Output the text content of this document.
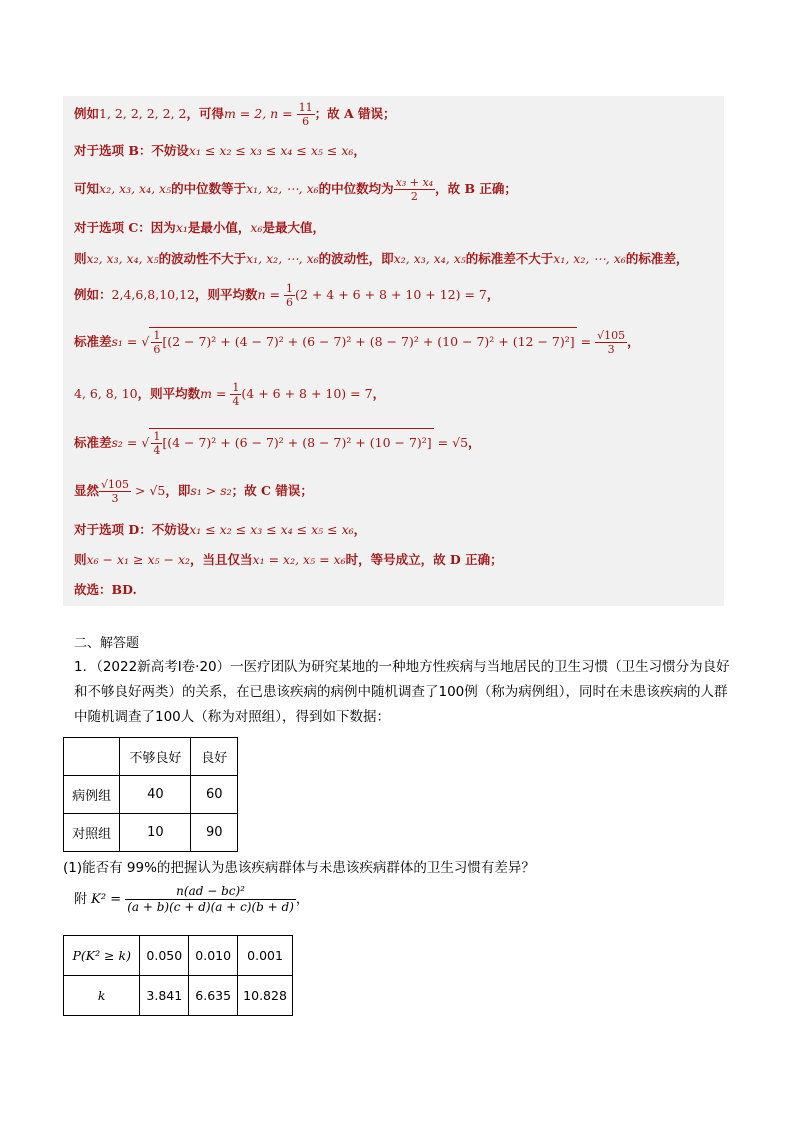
例如1, 2, 2, 2, 2, 2，可得m = 2, $n = \frac{11}{6}$ ；故 A 错误；
对于选项 B：不妨设x₁ ≤ x₂ ≤ x₃ ≤ x₄ ≤ x₅ ≤ x₆，
可知x₂, x₃, x₄, x₅的中位数等于x₁, x₂, ⋯, x₆的中位数均为 $\frac{\text{x₃ + x₄}}{2}$ ，故 B 正确；
对于选项 C：因为x₁是最小值，x₆是最大值，
则x₂, x₃, x₄, x₅的波动性不大于x₁, x₂, ⋯, x₆的波动性，即x₂, x₃, x₄, x₅的标准差不大于x₁, x₂, ⋯, x₆的标准差，
例如：2,4,6,8,10,12，则平均数$n = \frac{1}{6} (2 + 4 + 6 + 8 + 10 + 12) = 7$，
标准差s₁ = √ $\frac{1}{6} [(2 - 7)^2 + (4 - 7)^2 + (6 - 7)^2 + (8 - 7)^2 + (10 - 7)^2 + (12 - 7)^2] = \frac{√105}{3}$ ，
4, 6, 8, 10，则平均数$m = \frac{1}{4} (4 + 6 + 8 + 10) = 7$，
标准差s₂ = √ $\frac{1}{4} [(4 - 7)^2 + (6 - 7)^2 + (8 - 7)^2 + (10 - 7)^2] = √5$，
显然 $\frac{√105}{3} > √5$，即s₁ > s₂；故 C 错误；
对于选项 D：不妨设x₁ ≤ x₂ ≤ x₃ ≤ x₄ ≤ x₅ ≤ x₆，
则x₆ − x₁ ≥ x₅ − x₂，当且仅当x₁ = x₂, x₅ = x₆时，等号成立，故 D 正确；
故选：BD.
二、解答题
1．（2022新高考Ⅰ卷·20）一医疗团队为研究某地的一种地方性疾病与当地居民的卫生习惯（卫生习惯分为良好和不够良好两类）的关系，在已患该疾病的病例中随机调查了100例（称为病例组），同时在未患该疾病的人群中随机调查了100人（称为对照组），得到如下数据：
	不够良好	良好
病例组	40	60
对照组	10	90
(1)能否有 99%的把握认为患该疾病群体与未患该疾病群体的卫生习惯有差异？
附 $K^2 = \frac{\text{n(ad − bc)²}}{(a + b)(c + d)(a + c)(b + d)}$ ，
P(K² ≥ k)	0.050	0.010	0.001
k	3.841	6.635	10.828
